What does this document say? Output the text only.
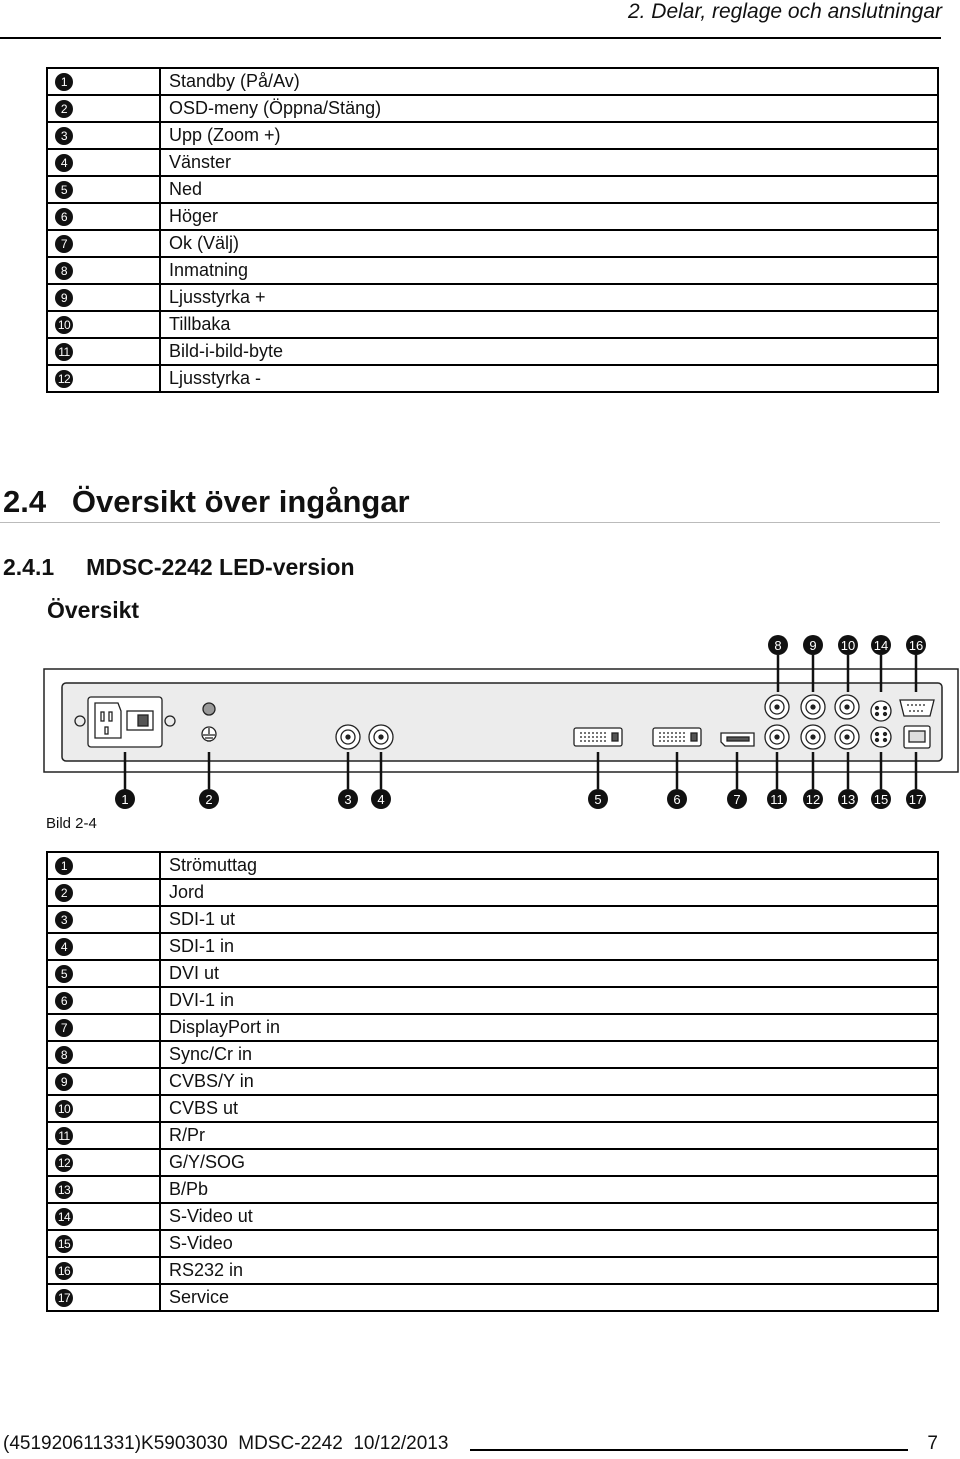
2. Delar, reglage och anslutningar
1	Standby (På/Av)
2	OSD-meny (Öppna/Stäng)
3	Upp (Zoom +)
4	Vänster
5	Ned
6	Höger
7	Ok (Välj)
8	Inmatning
9	Ljusstyrka +
10	Tillbaka
11	Bild-i-bild-byte
12	Ljusstyrka -
2.4   Översikt över ingångar
2.4.1     MDSC-2242 LED-version
Översikt
8 9 10 14 16
1	2	3 4	5	6	7 11 12 13 15 17
Bild 2-4
1	Strömuttag
2	Jord
3	SDI-1 ut
4	SDI-1 in
5	DVI ut
6	DVI-1 in
7	DisplayPort in
8	Sync/Cr in
9	CVBS/Y in
10	CVBS ut
11	R/Pr
12	G/Y/SOG
13	B/Pb
14	S-Video ut
15	S-Video
16	RS232 in
17	Service
(451920611331)K5903030  MDSC-2242  10/12/2013	7
